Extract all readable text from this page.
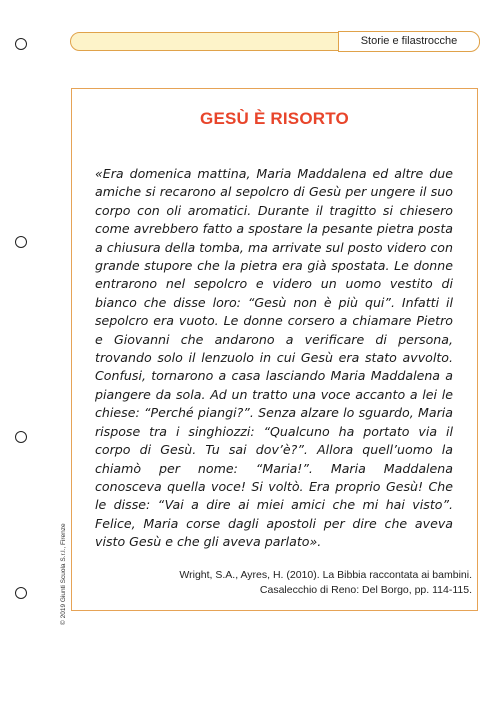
Storie e filastrocche
GESÙ È RISORTO

«Era domenica mattina, Maria Maddalena ed altre due amiche si recarono al sepolcro di Gesù per ungere il suo corpo con oli aromatici. Durante il tragitto si chiesero come avrebbero fatto a spostare la pesante pietra posta a chiusura della tomba, ma arrivate sul posto videro con grande stupore che la pietra era già spostata. Le donne entrarono nel sepolcro e videro un uomo vestito di bianco che disse loro: “Gesù non è più qui”. Infatti il sepolcro era vuoto. Le donne corsero a chiamare Pietro e Giovanni che andarono a verificare di persona, trovando solo il lenzuolo in cui Gesù era stato avvolto. Confusi, tornarono a casa lasciando Maria Maddalena a piangere da sola. Ad un tratto una voce accanto a lei le chiese: “Perché piangi?”. Senza alzare lo sguardo, Maria rispose tra i singhiozzi: “Qualcuno ha portato via il corpo di Gesù. Tu sai dov’è?”. Allora quell’uomo la chiamò per nome: “Maria!”. Maria Maddalena conosceva quella voce! Si voltò. Era proprio Gesù! Che le disse: “Vai a dire ai miei amici che mi hai visto”. Felice, Maria corse dagli apostoli per dire che aveva visto Gesù e che gli aveva parlato».

Wright, S.A., Ayres, H. (2010). La Bibbia raccontata ai bambini.
Casalecchio di Reno: Del Borgo, pp. 114-115.
© 2019 Giunti Scuola S.r.l., Firenze
